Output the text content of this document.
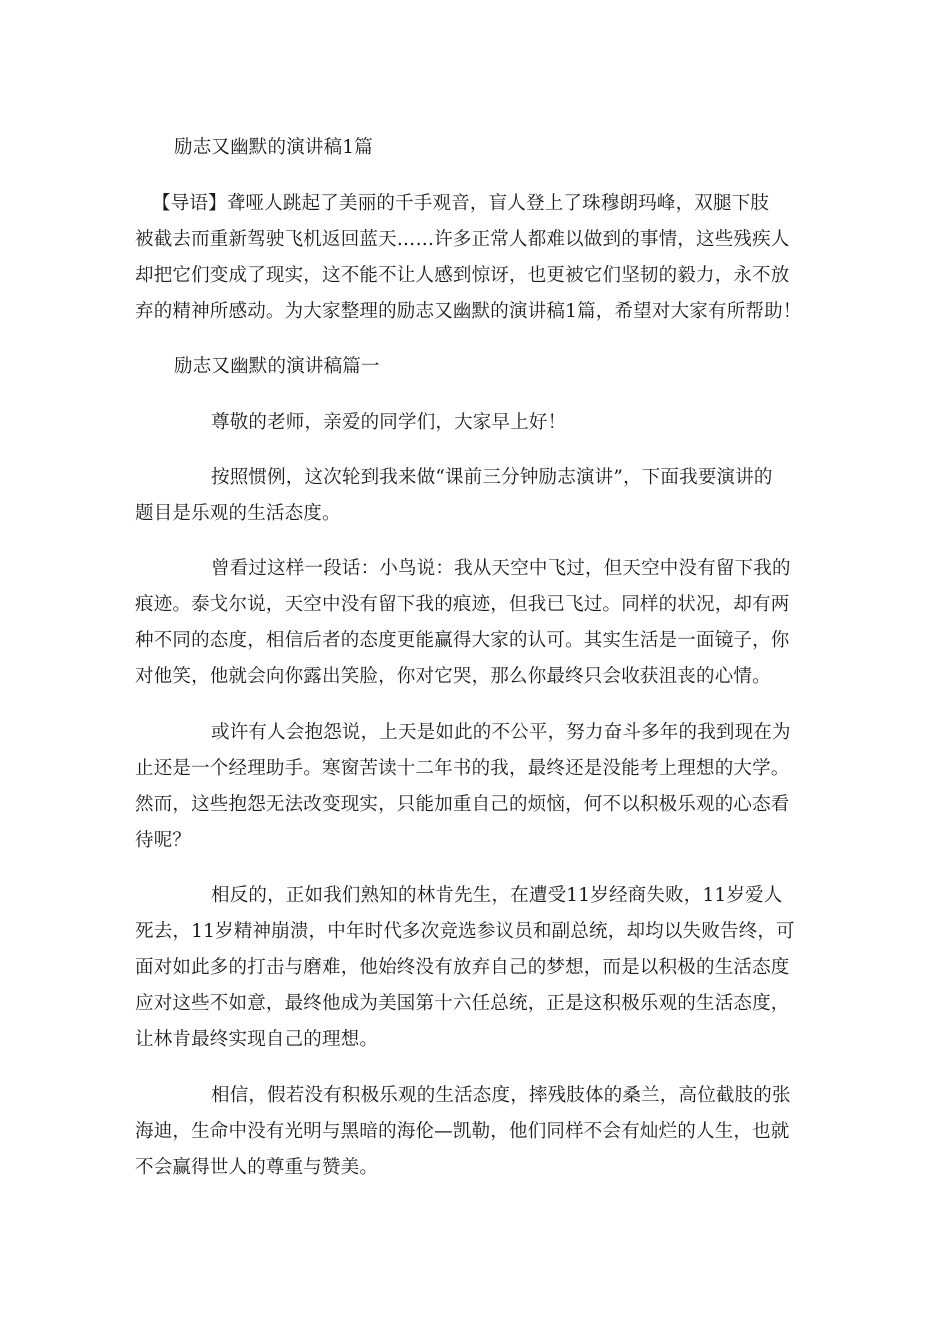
励志又幽默的演讲稿1篇
【导语】聋哑人跳起了美丽的千手观音，盲人登上了珠穆朗玛峰，双腿下肢
被截去而重新驾驶飞机返回蓝天……许多正常人都难以做到的事情，这些残疾人
却把它们变成了现实，这不能不让人感到惊讶，也更被它们坚韧的毅力，永不放
弃的精神所感动。为大家整理的励志又幽默的演讲稿1篇，希望对大家有所帮助！
励志又幽默的演讲稿篇一
尊敬的老师，亲爱的同学们，大家早上好！
按照惯例，这次轮到我来做“课前三分钟励志演讲”，下面我要演讲的
题目是乐观的生活态度。
曾看过这样一段话：小鸟说：我从天空中飞过，但天空中没有留下我的
痕迹。泰戈尔说，天空中没有留下我的痕迹，但我已飞过。同样的状况，却有两
种不同的态度，相信后者的态度更能赢得大家的认可。其实生活是一面镜子，你
对他笑，他就会向你露出笑脸，你对它哭，那么你最终只会收获沮丧的心情。
或许有人会抱怨说，上天是如此的不公平，努力奋斗多年的我到现在为
止还是一个经理助手。寒窗苦读十二年书的我，最终还是没能考上理想的大学。
然而，这些抱怨无法改变现实，只能加重自己的烦恼，何不以积极乐观的心态看
待呢？
相反的，正如我们熟知的林肯先生，在遭受11岁经商失败，11岁爱人
死去，11岁精神崩溃，中年时代多次竞选参议员和副总统，却均以失败告终，可
面对如此多的打击与磨难，他始终没有放弃自己的梦想，而是以积极的生活态度
应对这些不如意，最终他成为美国第十六任总统，正是这积极乐观的生活态度，
让林肯最终实现自己的理想。
相信，假若没有积极乐观的生活态度，摔残肢体的桑兰，高位截肢的张
海迪，生命中没有光明与黑暗的海伦—凯勒，他们同样不会有灿烂的人生，也就
不会赢得世人的尊重与赞美。
